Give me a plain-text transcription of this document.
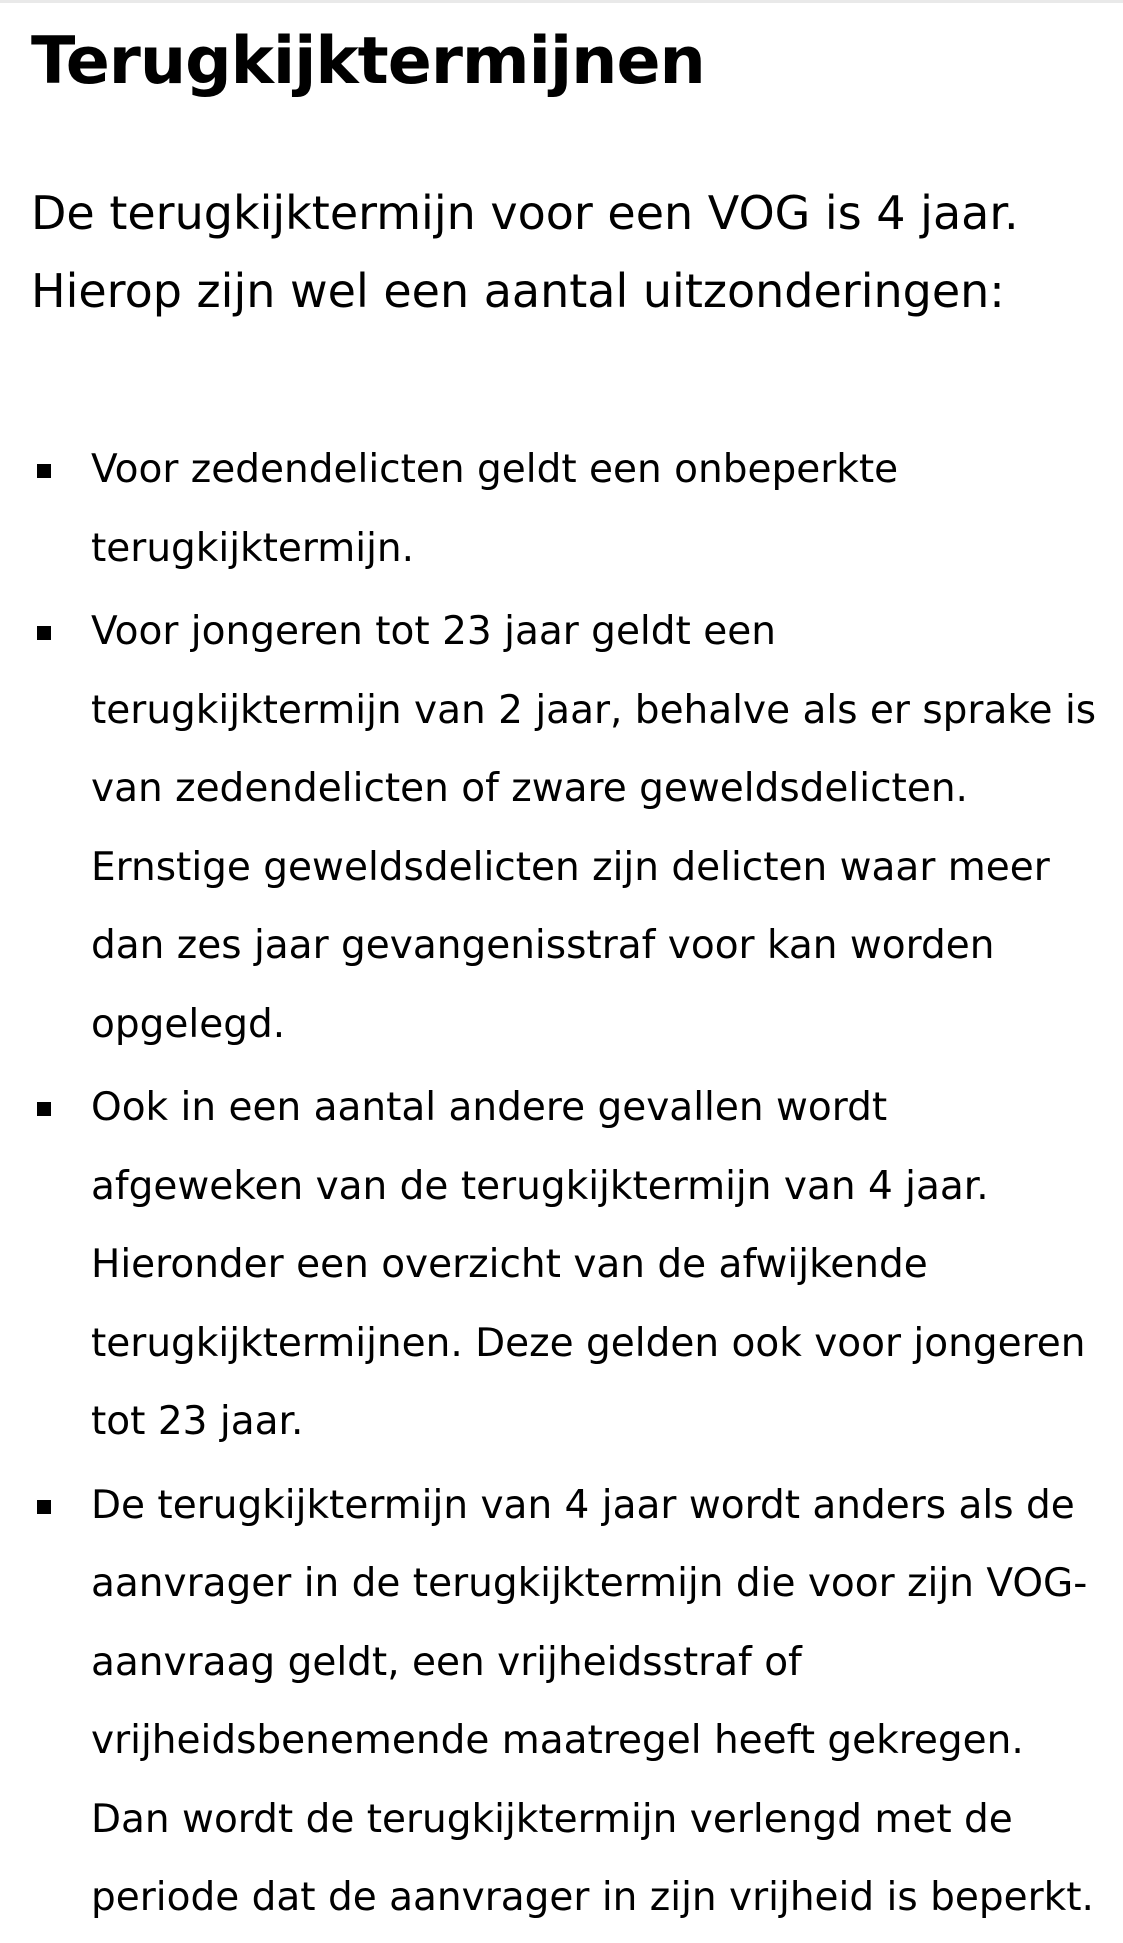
Terugkijktermijnen

De terugkijktermijn voor een VOG is 4 jaar.
Hierop zijn wel een aantal uitzonderingen:

Voor zedendelicten geldt een onbeperkte
terugkijktermijn.
Voor jongeren tot 23 jaar geldt een
terugkijktermijn van 2 jaar, behalve als er sprake is
van zedendelicten of zware geweldsdelicten.
Ernstige geweldsdelicten zijn delicten waar meer
dan zes jaar gevangenisstraf voor kan worden
opgelegd.
Ook in een aantal andere gevallen wordt
afgeweken van de terugkijktermijn van 4 jaar.
Hieronder een overzicht van de afwijkende
terugkijktermijnen. Deze gelden ook voor jongeren
tot 23 jaar.
De terugkijktermijn van 4 jaar wordt anders als de
aanvrager in de terugkijktermijn die voor zijn VOG-
aanvraag geldt, een vrijheidsstraf of
vrijheidsbenemende maatregel heeft gekregen.
Dan wordt de terugkijktermijn verlengd met de
periode dat de aanvrager in zijn vrijheid is beperkt.
